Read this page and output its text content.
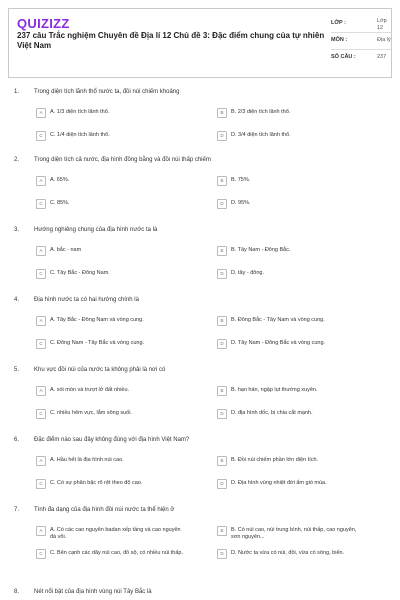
QUIZIZZ
237 câu Trắc nghiệm Chuyên đề Địa lí 12 Chủ đề 3: Đặc điểm chung của tự nhiên Việt Nam
LỚP :	Lớp 12
MÔN :	Địa lý
SỐ CÂU :	237
1. Trong diện tích lãnh thổ nước ta, đồi núi chiếm khoảng
A	A. 1/3 diện tích lãnh thổ.	B	B. 2/3 diện tích lãnh thổ.
C	C. 1/4 diện tích lãnh thổ.	D	D. 3/4 diện tích lãnh thổ.
2. Trong diện tích cả nước, địa hình đồng bằng và đồi núi thấp chiếm
A	A. 65%.	B	B. 75%.
C	C. 85%.	D	D. 95%.
3. Hướng nghiêng chung của địa hình nước ta là
A	A. bắc - nam	B	B. Tây Nam - Đông Bắc.
C	C. Tây Bắc - Đông Nam.	D	D. tây - đông.
4. Địa hình nước ta có hai hướng chính là
A	A. Tây Bắc - Đông Nam và vòng cung.	B	B. Đông Bắc - Tây Nam và vòng cung.
C	C. Đông Nam - Tây Bắc và vòng cung.	D	D. Tây Nam - Đông Bắc và vòng cung.
5. Khu vực đồi núi của nước ta không phải là nơi có
A	A. xói mòn và trượt lở đất nhiều.	B	B. hạn hán, ngập lụt thường xuyên.
C	C. nhiều hẻm vực, lắm sông suối.	D	D. địa hình dốc, bị chia cắt mạnh.
6. Đặc điểm nào sau đây không đúng với địa hình Việt Nam?
A	A. Hầu hết là địa hình núi cao.	B	B. Đồi núi chiếm phần lớn diện tích.
C	C. Có sự phân bậc rõ rệt theo độ cao.	D	D. Địa hình vùng nhiệt đới ẩm gió mùa.
7. Tính đa dạng của địa hình đồi núi nước ta thể hiện ở
A	A. Có các cao nguyên badan xếp tầng và cao nguyên đá vôi.
B	B. Có núi cao, núi trung bình, núi thấp, cao nguyên, sơn nguyên...
C	C. Bên cạnh các dãy núi cao, đồ sộ, có nhiều núi thấp.	D	D. Nước ta vừa có núi, đồi, vừa có sông, biển.
8. Nét nổi bật của địa hình vùng núi Tây Bắc là
